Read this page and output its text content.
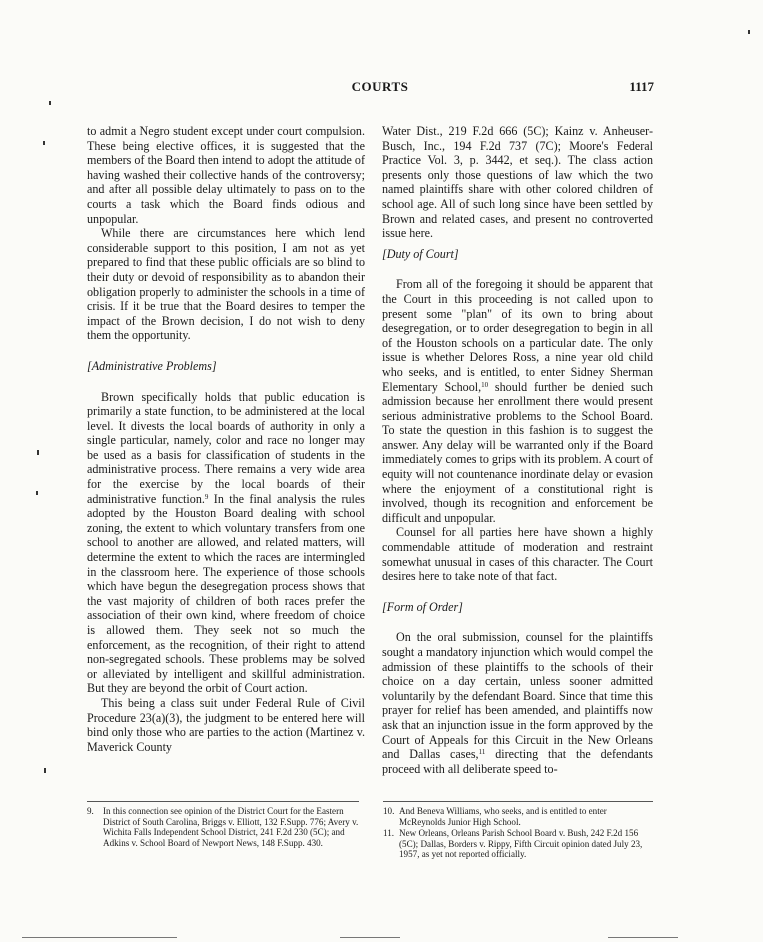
COURTS	1117

to admit a Negro student except under court compulsion. These being elective offices, it is suggested that the members of the Board then intend to adopt the attitude of having washed their collective hands of the controversy; and after all possible delay ultimately to pass on to the courts a task which the Board finds odious and unpopular.

While there are circumstances here which lend considerable support to this position, I am not as yet prepared to find that these public officials are so blind to their duty or devoid of responsibility as to abandon their obligation properly to administer the schools in a time of crisis. If it be true that the Board desires to temper the impact of the Brown decision, I do not wish to deny them the opportunity.

[Administrative Problems]

Brown specifically holds that public education is primarily a state function, to be administered at the local level. It divests the local boards of authority in only a single particular, namely, color and race no longer may be used as a basis for classification of students in the administrative process. There remains a very wide area for the exercise by the local boards of their administrative function.$^9$ In the final analysis the rules adopted by the Houston Board dealing with school zoning, the extent to which voluntary transfers from one school to another are allowed, and related matters, will determine the extent to which the races are intermingled in the classroom here. The experience of those schools which have begun the desegregation process shows that the vast majority of children of both races prefer the association of their own kind, where freedom of choice is allowed them. They seek not so much the enforcement, as the recognition, of their right to attend non-segregated schools. These problems may be solved or alleviated by intelligent and skillful administration. But they are beyond the orbit of Court action.

This being a class suit under Federal Rule of Civil Procedure 23(a)(3), the judgment to be entered here will bind only those who are parties to the action (Martinez v. Maverick County

Water Dist., 219 F.2d 666 (5C); Kainz v. Anheuser-Busch, Inc., 194 F.2d 737 (7C); Moore's Federal Practice Vol. 3, p. 3442, et seq.). The class action presents only those questions of law which the two named plaintiffs share with other colored children of school age. All of such long since have been settled by Brown and related cases, and present no controverted issue here.

[Duty of Court]

From all of the foregoing it should be apparent that the Court in this proceeding is not called upon to present some "plan" of its own to bring about desegregation, or to order desegregation to begin in all of the Houston schools on a particular date. The only issue is whether Delores Ross, a nine year old child who seeks, and is entitled, to enter Sidney Sherman Elementary School,$^{10}$ should further be denied such admission because her enrollment there would present serious administrative problems to the School Board. To state the question in this fashion is to suggest the answer. Any delay will be warranted only if the Board immediately comes to grips with its problem. A court of equity will not countenance inordinate delay or evasion where the enjoyment of a constitutional right is involved, though its recognition and enforcement be difficult and unpopular.

Counsel for all parties here have shown a highly commendable attitude of moderation and restraint somewhat unusual in cases of this character. The Court desires here to take note of that fact.

[Form of Order]

On the oral submission, counsel for the plaintiffs sought a mandatory injunction which would compel the admission of these plaintiffs to the schools of their choice on a day certain, unless sooner admitted voluntarily by the defendant Board. Since that time this prayer for relief has been amended, and plaintiffs now ask that an injunction issue in the form approved by the Court of Appeals for this Circuit in the New Orleans and Dallas cases,$^{11}$ directing that the defendants proceed with all deliberate speed to-

9.	In this connection see opinion of the District Court for the Eastern District of South Carolina, Briggs v. Elliott, 132 F.Supp. 776; Avery v. Wichita Falls Independent School District, 241 F.2d 230 (5C); and Adkins v. School Board of Newport News, 148 F.Supp. 430.
10. And Beneva Williams, who seeks, and is entitled to enter McReynolds Junior High School.
11. New Orleans, Orleans Parish School Board v. Bush, 242 F.2d 156 (5C); Dallas, Borders v. Rippy, Fifth Circuit opinion dated July 23, 1957, as yet not reported officially.
